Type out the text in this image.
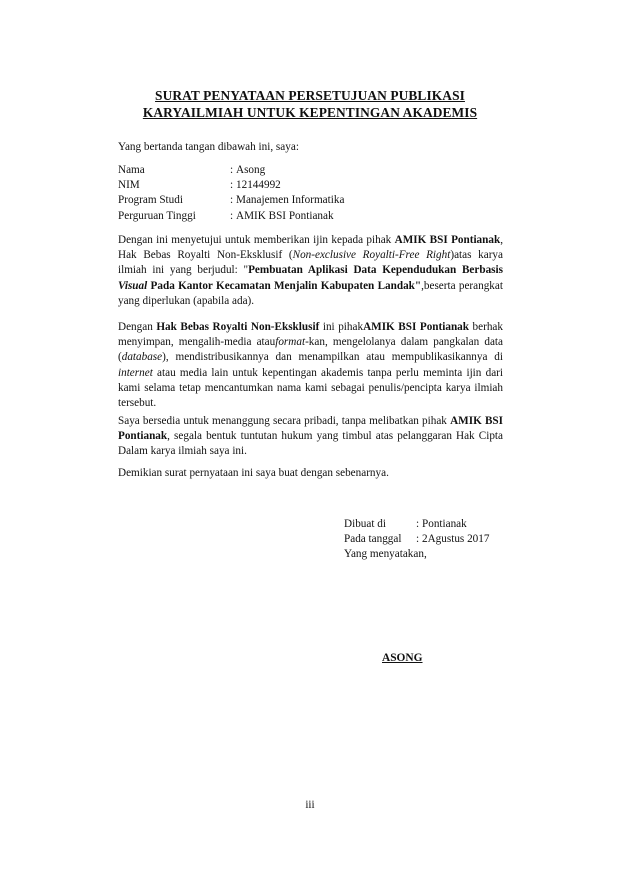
SURAT PENYATAAN PERSETUJUAN PUBLIKASI
KARYAILMIAH UNTUK KEPENTINGAN AKADEMIS
Yang bertanda tangan dibawah ini, saya:
Nama	: Asong
NIM	: 12144992
Program Studi	: Manajemen Informatika
Perguruan Tinggi	: AMIK BSI Pontianak

Dengan ini menyetujui untuk memberikan ijin kepada pihak AMIK BSI Pontianak, Hak Bebas Royalti Non-Eksklusif (Non-exclusive Royalti-Free Right)atas karya ilmiah ini yang berjudul: "Pembuatan Aplikasi Data Kependudukan Berbasis Visual Pada Kantor Kecamatan Menjalin Kabupaten Landak",beserta perangkat yang diperlukan (apabila ada).

Dengan Hak Bebas Royalti Non-Eksklusif ini pihakAMIK BSI Pontianak berhak menyimpan, mengalih-media atauformat-kan, mengelolanya dalam pangkalan data (database), mendistribusikannya dan menampilkan atau mempublikasikannya di internet atau media lain untuk kepentingan akademis tanpa perlu meminta ijin dari kami selama tetap mencantumkan nama kami sebagai penulis/pencipta karya ilmiah tersebut.

Saya bersedia untuk menanggung secara pribadi, tanpa melibatkan pihak AMIK BSI Pontianak, segala bentuk tuntutan hukum yang timbul atas pelanggaran Hak Cipta Dalam karya ilmiah saya ini.

Demikian surat pernyataan ini saya buat dengan sebenarnya.

Dibuat di	: Pontianak
Pada tanggal	: 2Agustus 2017
Yang menyatakan,
ASONG
iii
